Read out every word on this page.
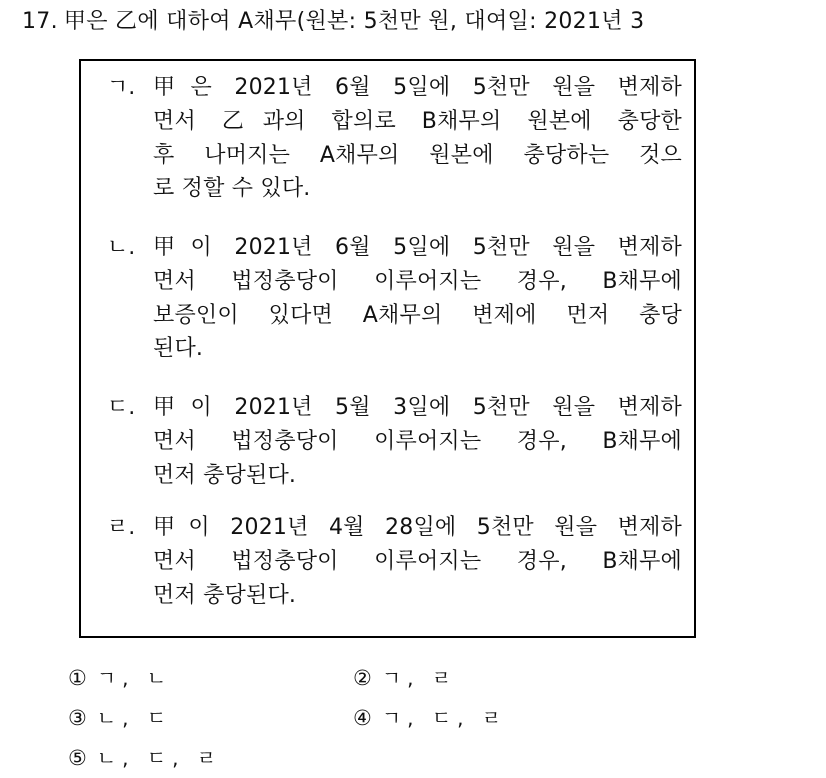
17. 甲은 乙에 대하여 A채무(원본: 5천만 원, 대여일: 2021년 3
ㄱ. 甲은 2021년 6월 5일에 5천만 원을 변제하
면서 乙과의 합의로 B채무의 원본에 충당한
후 나머지는 A채무의 원본에 충당하는 것으
로 정할 수 있다.
ㄴ. 甲이 2021년 6월 5일에 5천만 원을 변제하
면서 법정충당이 이루어지는 경우, B채무에
보증인이 있다면 A채무의 변제에 먼저 충당
된다.
ㄷ. 甲이 2021년 5월 3일에 5천만 원을 변제하
면서 법정충당이 이루어지는 경우, B채무에
먼저 충당된다.
ㄹ. 甲이 2021년 4월 28일에 5천만 원을 변제하
면서 법정충당이 이루어지는 경우, B채무에
먼저 충당된다.
① ㄱ, ㄴ	② ㄱ, ㄹ
③ ㄴ, ㄷ	④ ㄱ, ㄷ, ㄹ
⑤ ㄴ, ㄷ, ㄹ
